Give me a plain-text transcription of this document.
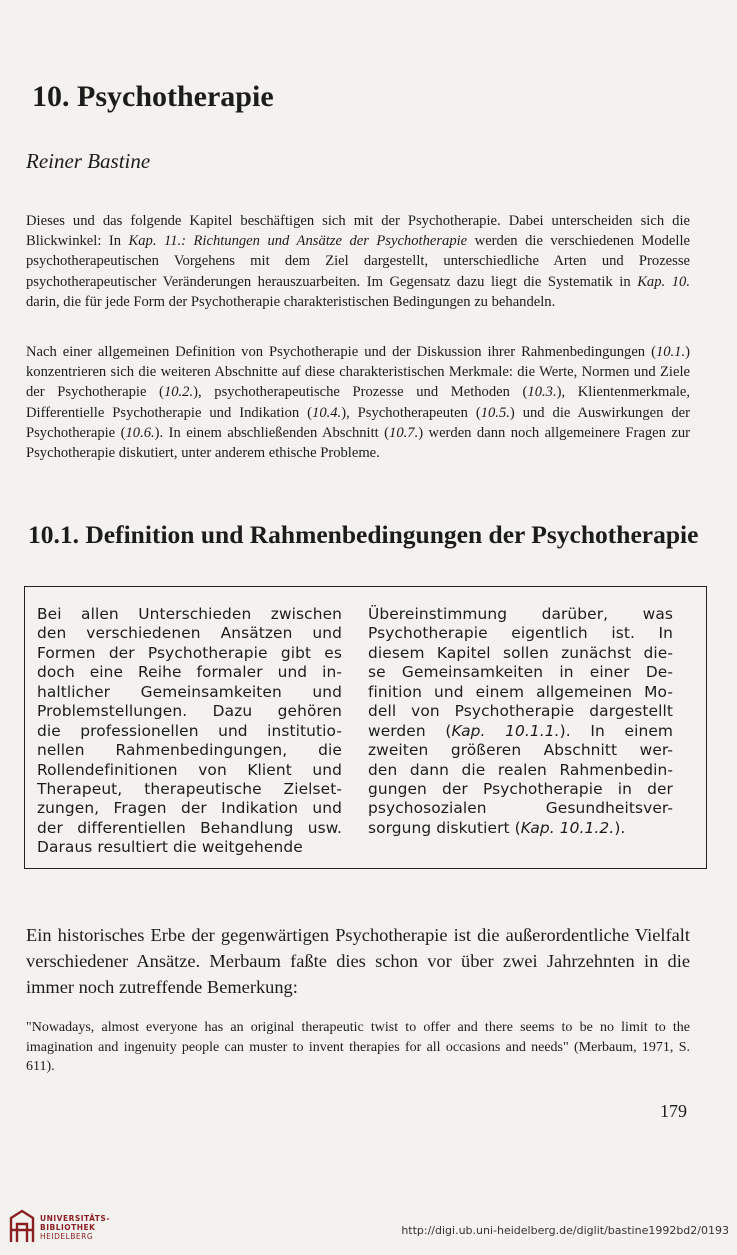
10. Psychotherapie
Reiner Bastine

Dieses und das folgende Kapitel beschäftigen sich mit der Psychotherapie. Dabei unterscheiden sich die Blickwinkel: In Kap. 11.: Richtungen und Ansätze der Psychotherapie werden die verschiedenen Modelle psychotherapeutischen Vorgehens mit dem Ziel dargestellt, unterschiedliche Arten und Prozesse psychotherapeutischer Veränderungen herauszuarbeiten. Im Gegensatz dazu liegt die Systematik in Kap. 10. darin, die für jede Form der Psychotherapie charakteristischen Bedingungen zu behandeln.

Nach einer allgemeinen Definition von Psychotherapie und der Diskussion ihrer Rahmenbedingungen (10.1.) konzentrieren sich die weiteren Abschnitte auf diese charakteristischen Merkmale: die Werte, Normen und Ziele der Psychotherapie (10.2.), psychotherapeutische Prozesse und Methoden (10.3.), Klientenmerkmale, Differentielle Psychotherapie und Indikation (10.4.), Psychotherapeuten (10.5.) und die Auswirkungen der Psychotherapie (10.6.). In einem abschließenden Abschnitt (10.7.) werden dann noch allgemeinere Fragen zur Psychotherapie diskutiert, unter anderem ethische Probleme.

10.1. Definition und Rahmenbedingungen der Psychotherapie
Bei allen Unterschieden zwischen
den verschiedenen Ansätzen und
Formen der Psychotherapie gibt es
doch eine Reihe formaler und in-
haltlicher Gemeinsamkeiten und
Problemstellungen. Dazu gehören
die professionellen und institutio-
nellen Rahmenbedingungen, die
Rollendefinitionen von Klient und
Therapeut, therapeutische Zielset-
zungen, Fragen der Indikation und
der differentiellen Behandlung usw.
Daraus resultiert die weitgehende
Übereinstimmung darüber, was
Psychotherapie eigentlich ist. In
diesem Kapitel sollen zunächst die-
se Gemeinsamkeiten in einer De-
finition und einem allgemeinen Mo-
dell von Psychotherapie dargestellt
werden (Kap. 10.1.1.). In einem
zweiten größeren Abschnitt wer-
den dann die realen Rahmenbedin-
gungen der Psychotherapie in der
psychosozialen Gesundheitsver-
sorgung diskutiert (Kap. 10.1.2.).

Ein historisches Erbe der gegenwärtigen Psychotherapie ist die außerordentliche Vielfalt verschiedener Ansätze. Merbaum faßte dies schon vor über zwei Jahrzehnten in die immer noch zutreffende Bemerkung:

"Nowadays, almost everyone has an original therapeutic twist to offer and there seems to be no limit to the imagination and ingenuity people can muster to invent therapies for all occasions and needs" (Merbaum, 1971, S. 611).

179
UNIVERSITÄTS-
BIBLIOTHEK
HEIDELBERG	http://digi.ub.uni-heidelberg.de/diglit/bastine1992bd2/0193
